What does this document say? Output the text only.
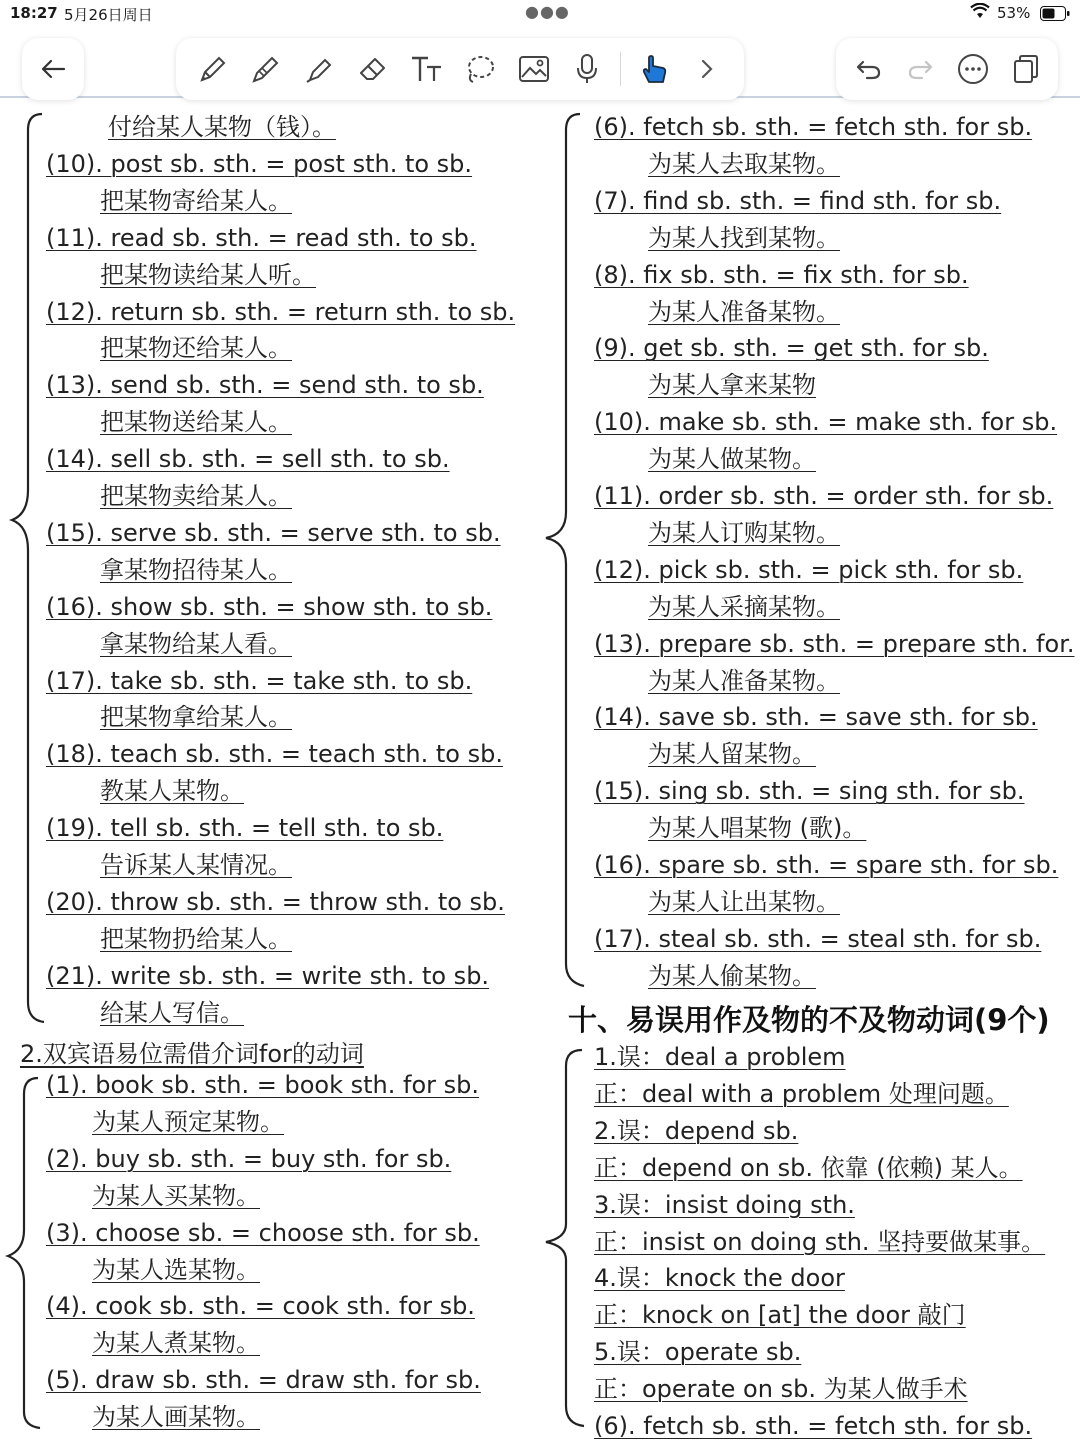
18:27 5月26日周日	●●●	53%
付给某人某物（钱）。
(10). post sb. sth. = post sth. to sb.
把某物寄给某人。
(11). read sb. sth. = read sth. to sb.
把某物读给某人听。
(12). return sb. sth. = return sth. to sb.
把某物还给某人。
(13). send sb. sth. = send sth. to sb.
把某物送给某人。
(14). sell sb. sth. = sell sth. to sb.
把某物卖给某人。
(15). serve sb. sth. = serve sth. to sb.
拿某物招待某人。
(16). show sb. sth. = show sth. to sb.
拿某物给某人看。
(17). take sb. sth. = take sth. to sb.
把某物拿给某人。
(18). teach sb. sth. = teach sth. to sb.
教某人某物。
(19). tell sb. sth. = tell sth. to sb.
告诉某人某情况。
(20). throw sb. sth. = throw sth. to sb.
把某物扔给某人。
(21). write sb. sth. = write sth. to sb.
给某人写信。
2.双宾语易位需借介词for的动词
(1). book sb. sth. = book sth. for sb.
为某人预定某物。
(2). buy sb. sth. = buy sth. for sb.
为某人买某物。
(3). choose sb. = choose sth. for sb.
为某人选某物。
(4). cook sb. sth. = cook sth. for sb.
为某人煮某物。
(5). draw sb. sth. = draw sth. for sb.
为某人画某物。
(6). fetch sb. sth. = fetch sth. for sb.
为某人去取某物。
(7). find sb. sth. = find sth. for sb.
为某人找到某物。
(8). fix sb. sth. = fix sth. for sb.
为某人准备某物。
(9). get sb. sth. = get sth. for sb.
为某人拿来某物
(10). make sb. sth. = make sth. for sb.
为某人做某物。
(11). order sb. sth. = order sth. for sb.
为某人订购某物。
(12). pick sb. sth. = pick sth. for sb.
为某人采摘某物。
(13). prepare sb. sth. = prepare sth. for.
为某人准备某物。
(14). save sb. sth. = save sth. for sb.
为某人留某物。
(15). sing sb. sth. = sing sth. for sb.
为某人唱某物 (歌)。
(16). spare sb. sth. = spare sth. for sb.
为某人让出某物。
(17). steal sb. sth. = steal sth. for sb.
为某人偷某物。
十、易误用作及物的不及物动词(9个)
1.误：deal a problem
正：deal with a problem 处理问题。
2.误：depend sb.
正：depend on sb. 依靠 (依赖) 某人。
3.误：insist doing sth.
正：insist on doing sth. 坚持要做某事。
4.误：knock the door
正：knock on [at] the door 敲门
5.误：operate sb.
正：operate on sb. 为某人做手术
(6). fetch sb. sth. = fetch sth. for sb.
